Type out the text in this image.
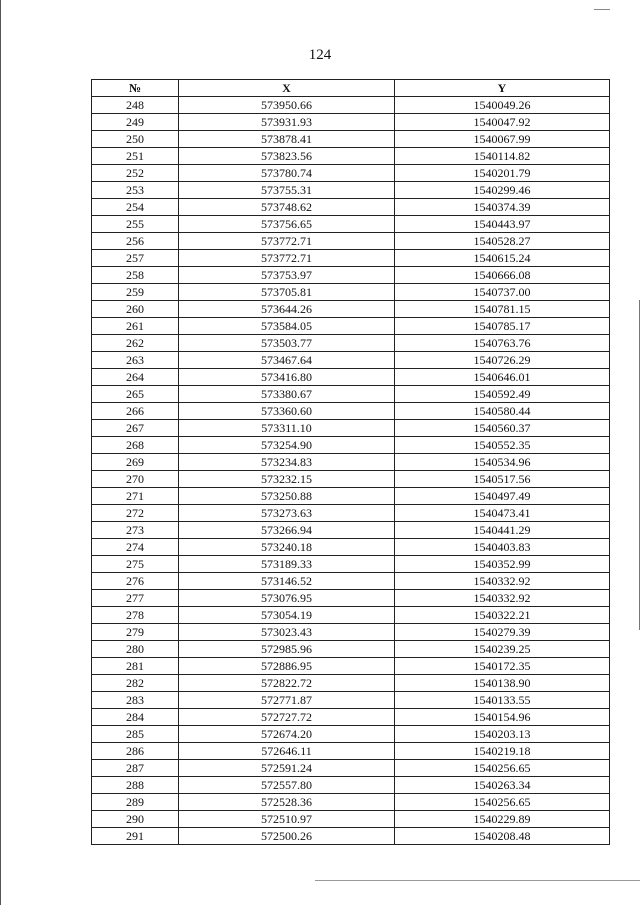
124
№	X	Y
248	573950.66	1540049.26
249	573931.93	1540047.92
250	573878.41	1540067.99
251	573823.56	1540114.82
252	573780.74	1540201.79
253	573755.31	1540299.46
254	573748.62	1540374.39
255	573756.65	1540443.97
256	573772.71	1540528.27
257	573772.71	1540615.24
258	573753.97	1540666.08
259	573705.81	1540737.00
260	573644.26	1540781.15
261	573584.05	1540785.17
262	573503.77	1540763.76
263	573467.64	1540726.29
264	573416.80	1540646.01
265	573380.67	1540592.49
266	573360.60	1540580.44
267	573311.10	1540560.37
268	573254.90	1540552.35
269	573234.83	1540534.96
270	573232.15	1540517.56
271	573250.88	1540497.49
272	573273.63	1540473.41
273	573266.94	1540441.29
274	573240.18	1540403.83
275	573189.33	1540352.99
276	573146.52	1540332.92
277	573076.95	1540332.92
278	573054.19	1540322.21
279	573023.43	1540279.39
280	572985.96	1540239.25
281	572886.95	1540172.35
282	572822.72	1540138.90
283	572771.87	1540133.55
284	572727.72	1540154.96
285	572674.20	1540203.13
286	572646.11	1540219.18
287	572591.24	1540256.65
288	572557.80	1540263.34
289	572528.36	1540256.65
290	572510.97	1540229.89
291	572500.26	1540208.48
